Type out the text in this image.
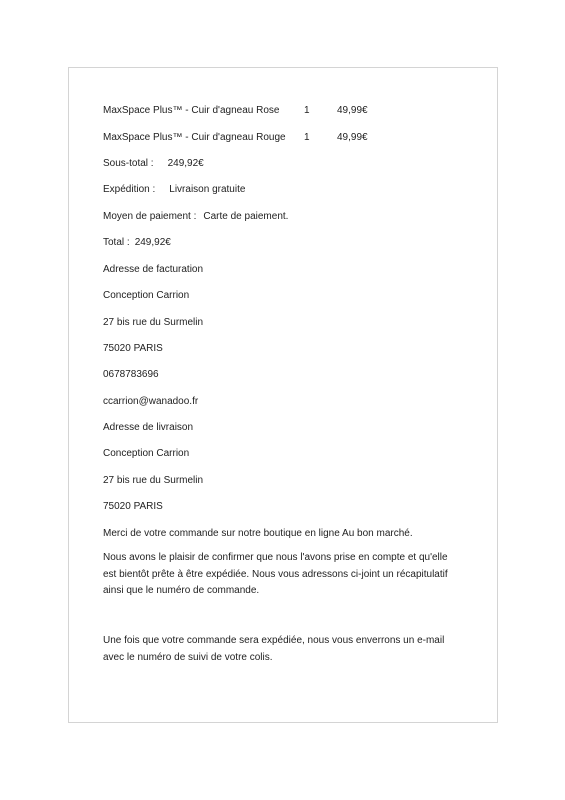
MaxSpace Plus™ - Cuir d'agneau Rose 1	49,99€
MaxSpace Plus™ - Cuir d'agneau Rouge 1	49,99€
Sous-total : 249,92€
Expédition : Livraison gratuite
Moyen de paiement : Carte de paiement.
Total : 249,92€
Adresse de facturation
Conception Carrion
27 bis rue du Surmelin
75020 PARIS
0678783696
ccarrion@wanadoo.fr
Adresse de livraison
Conception Carrion
27 bis rue du Surmelin
75020 PARIS
Merci de votre commande sur notre boutique en ligne Au bon marché.
Nous avons le plaisir de confirmer que nous l'avons prise en compte et qu'elle est bientôt prête à être expédiée. Nous vous adressons ci-joint un récapitulatif ainsi que le numéro de commande.
Une fois que votre commande sera expédiée, nous vous enverrons un e-mail avec le numéro de suivi de votre colis.
